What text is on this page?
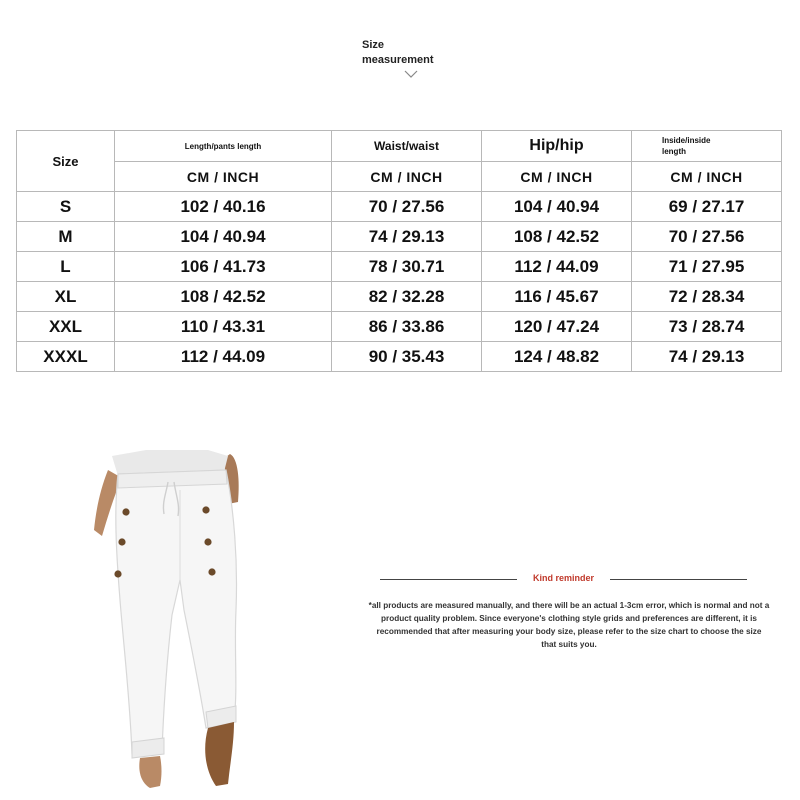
Size
measurement
Size	Length/pants length	Waist/waist	Hip/hip	Inside/inside
length

	CM / INCH	CM / INCH	CM / INCH	CM / INCH
S	102 / 40.16	70 / 27.56	104 / 40.94	69 / 27.17
M	104 / 40.94	74 / 29.13	108 / 42.52	70 / 27.56
L	106 / 41.73	78 / 30.71	112 / 44.09	71 / 27.95
XL	108 / 42.52	82 / 32.28	116 / 45.67	72 / 28.34
XXL	110 / 43.31	86 / 33.86	120 / 47.24	73 / 28.74
XXXL	112 / 44.09	90 / 35.43	124 / 48.82	74 / 29.13
Kind reminder
*all products are measured manually, and there will be an actual 1-3cm error, which is normal and not a product quality problem. Since everyone's clothing style grids and preferences are different, it is recommended that after measuring your body size, please refer to the size chart to choose the size that suits you.
